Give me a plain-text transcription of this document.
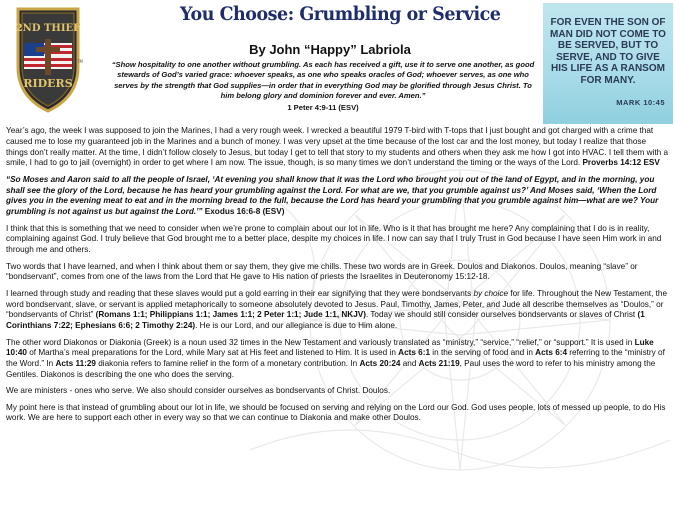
2ND THIEF
RIDERS
TM
You Choose: Grumbling or Service
By John “Happy” Labriola
“Show hospitality to one another without grumbling. As each has received a gift, use it to serve one another, as good stewards of God’s varied grace: whoever speaks, as one who speaks oracles of God; whoever serves, as one who serves by the strength that God supplies—in order that in everything God may be glorified through Jesus Christ. To him belong glory and dominion forever and ever. Amen.”
1 Peter 4:9-11 (ESV)
FOR EVEN THE SON OF MAN DID NOT COME TO BE SERVED, BUT TO SERVE, AND TO GIVE HIS LIFE AS A RANSOM FOR MANY.
MARK 10:45

Year’s ago, the week I was supposed to join the Marines, I had a very rough week. I wrecked a beautiful 1979 T-bird with T-tops that I just bought and got charged with a crime that caused me to lose my guaranteed job in the Marines and a bunch of money. I was very upset at the time because of the lost car and the lost money, but today I realize that those things don’t really matter. At the time, I didn’t follow closely to Jesus, but today I get to tell that story to my students and others when they ask me how I got into HVAC. I tell them with a smile, I had to go to jail (overnight) in order to get where I am now. The issue, though, is so many times we don’t understand the timing or the ways of the Lord. Proverbs 14:12 ESV

“So Moses and Aaron said to all the people of Israel, ‘At evening you shall know that it was the Lord who brought you out of the land of Egypt, and in the morning, you shall see the glory of the Lord, because he has heard your grumbling against the Lord. For what are we, that you grumble against us?’ And Moses said, ‘When the Lord gives you in the evening meat to eat and in the morning bread to the full, because the Lord has heard your grumbling that you grumble against him—what are we? Your grumbling is not against us but against the Lord.’” Exodus 16:6-8 (ESV)

I think that this is something that we need to consider when we’re prone to complain about our lot in life. Who is it that has brought me here? Any complaining that I do is in reality, complaining against God. I truly believe that God brought me to a better place, despite my choices in life. I now can say that I truly Trust in God because I have seen Him work in and through me and others.

Two words that I have learned, and when I think about them or say them, they give me chills. These two words are in Greek. Doulos and Diakonos. Doulos, meaning “slave” or “bondservant”, comes from one of the laws from the Lord that He gave to His nation of priests the Israelites in Deuteronomy 15:12-18.

I learned through study and reading that these slaves would put a gold earring in their ear signifying that they were bondservants by choice for life. Throughout the New Testament, the word bondservant, slave, or servant is applied metaphorically to someone absolutely devoted to Jesus. Paul, Timothy, James, Peter, and Jude all describe themselves as “Doulos,” or “bondservants of Christ” (Romans 1:1; Philippians 1:1; James 1:1; 2 Peter 1:1; Jude 1:1, NKJV). Today we should still consider ourselves bondservants or slaves of Christ (1 Corinthians 7:22; Ephesians 6:6; 2 Timothy 2:24). He is our Lord, and our allegiance is due to Him alone.

The other word Diakonos or Diakonia (Greek) is a noun used 32 times in the New Testament and variously translated as “ministry,” “service,” “relief,” or “support.” It is used in Luke 10:40 of Martha’s meal preparations for the Lord, while Mary sat at His feet and listened to Him. It is used in Acts 6:1 in the serving of food and in Acts 6:4 referring to the “ministry of the Word.” In Acts 11:29 diakonia refers to famine relief in the form of a monetary contribution. In Acts 20:24 and Acts 21:19, Paul uses the word to refer to his ministry among the Gentiles. Diakonos is describing the one who does the serving.

We are ministers - ones who serve. We also should consider ourselves as bondservants of Christ. Doulos.

My point here is that instead of grumbling about our lot in life, we should be focused on serving and relying on the Lord our God. God uses people, lots of messed up people, to do His work. We are here to support each other in every way so that we can continue to Diakonia and make other Doulos.
